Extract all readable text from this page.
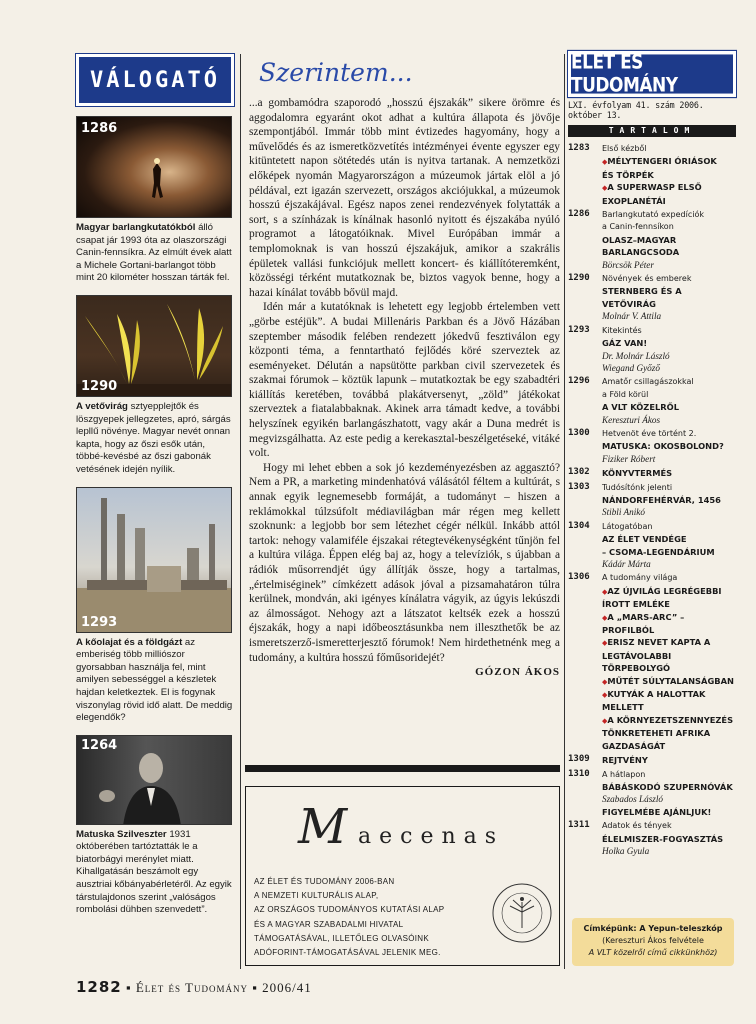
VÁLOGATÓ
1286
Magyar barlangkutatókból álló csapat jár 1993 óta az olaszországi Canin-fennsíkra. Az elmúlt évek alatt a Michele Gortani-barlangot több mint 20 kilométer hosszan tárták fel.
1290
A vetővirág sztyepplejtők és löszgyepek jellegzetes, apró, sárgás lepllű növénye. Magyar nevét onnan kapta, hogy az őszi esők után, többé-kevésbé az őszi gabonák vetésének idején nyílik.
1293
A kőolajat és a földgázt az emberiség több milliószor gyorsabban használja fel, mint amilyen sebességgel a készletek hajdan keletkeztek. El is fogynak viszonylag rövid idő alatt. De meddig elegendők?
1264
Matuska Szilveszter 1931 októberében tartóztatták le a biatorbágyi merénylet miatt. Kihallgatásán beszámolt egy ausztriai kőbányabérletéről. Az egyik társtulajdonos szerint „valóságos rombolási dühben szenvedett”.
Szerintem...

...a gombamódra szaporodó „hosszú éjszakák” sikere örömre és aggodalomra egyaránt okot adhat a kultúra állapota és jövője szempontjából. Immár több mint évtizedes hagyomány, hogy a művelődés és az ismeretközvetítés intézményei évente egyszer egy kitüntetett napon sötétedés után is nyitva tartanak. A nemzetközi előképek nyomán Magyarországon a múzeumok jártak elöl a jó példával, ezt igazán szervezett, országos akciójukkal, a múzeumok hosszú éjszakájával. Egész napos zenei rendezvények folytatták a sort, s a színházak is kínálnak hasonló nyitott és éjszakába nyúló programot a látogatóiknak. Mivel Európában immár a templomoknak is van hosszú éjszakájuk, amikor a szakrális épületek vallási funkciójuk mellett koncert- és kiállítóteremként, közösségi térként mutatkoznak be, biztos vagyok benne, hogy a hazai kínálat tovább bővül majd.

Idén már a kutatóknak is lehetett egy legjobb értelemben vett „görbe estéjük”. A budai Millenáris Parkban és a Jövő Házában szeptember második felében rendezett jókedvű fesztiválon egy központi téma, a fenntartható fejlődés köré szerveztek az eseményeket. Délután a napsütötte parkban civil szervezetek és szakmai fórumok – köztük lapunk – mutatkoztak be egy szabadtéri kiállítás keretében, továbbá plakátversenyt, „zöld” játékokat szerveztek a fiatalabbaknak. Akinek arra támadt kedve, a további helyszínek egyikén barlangászhatott, vagy akár a Duna medrét is megvizsgálhatta. Az este pedig a kerekasztal-beszélgetéseké, vitáké volt.

Hogy mi lehet ebben a sok jó kezdeményezésben az aggasztó? Nem a PR, a marketing mindenhatóvá válásától féltem a kultúrát, s annak egyik legnemesebb formáját, a tudományt – hiszen a reklámokkal túlzsúfolt médiavilágban már régen meg kellett szoknunk: a legjobb bor sem létezhet cégér nélkül. Inkább attól tartok: nehogy valamiféle éjszakai rétegtevékenységként tűnjön fel a kultúra világa. Éppen elég baj az, hogy a televíziók, s újabban a rádiók műsorrendjét úgy állítják össze, hogy a tartalmas, „értelmiséginek” címkézett adások jóval a pizsamahatáron túlra kerülnek, mondván, aki igényes kínálatra vágyik, az úgyis lekúszdi az álmosságot. Nehogy azt a látszatot keltsék ezek a hosszú éjszakák, hogy a napi időbeosztásunkba nem illeszthetők be az ismeretszerző-ismeretterjesztő fórumok! Nem hirdethetnénk meg a tudomány, a kultúra hosszú főműsoridejét?

GÓZON ÁKOS
M aecenas
AZ ÉLET ÉS TUDOMÁNY 2006-BAN
A NEMZETI KULTURÁLIS ALAP,
AZ ORSZÁGOS TUDOMÁNYOS KUTATÁSI ALAP
ÉS A MAGYAR SZABADALMI HIVATAL
TÁMOGATÁSÁVAL, ILLETŐLEG OLVASÓINK
ADÓFORINT-TÁMOGATÁSÁVAL JELENIK MEG.
ÉLET ÉS TUDOMÁNY
LXI. évfolyam 41. szám 2006. október 13.
TARTALOM
1283	Első kézből
◆ MÉLYTENGERI ÓRIÁSOK
ÉS TÖRPÉK
◆ A SUPERWASP ELSŐ
EXOPLANÉTÁI
1286	Barlangkutató expedíciók
a Canin-fennsíkon
OLASZ–MAGYAR
BARLANGCSODA
Börcsök Péter
1290	Növények és emberek
STERNBERG ÉS A VETŐVIRÁG
Molnár V. Attila
1293	Kitekintés
GÁZ VAN!
Dr. Molnár László
Wiegand Győző
1296	Amatőr csillagászokkal
a Föld körül
A VLT KÖZELRŐL
Kereszturi Ákos
1300	Hetvenöt éve történt 2.
MATUSKA: OKOSBOLOND?
Fiziker Róbert
1302	KÖNYVTERMÉS
1303	Tudósítónk jelenti
NÁNDORFEHÉRVÁR, 1456
Stibli Anikó
1304	Látogatóban
AZ ÉLET VENDÉGE
– CSOMA-LEGENDÁRIUM
Kádár Márta
1306	A tudomány világa
◆ AZ ÚJVILÁG LEGRÉGEBBI
ÍROTT EMLÉKE
◆ A „MARS-ARC” – PROFILBÓL
◆ ERISZ NEVET KAPTA A
LEGTÁVOLABBI TÖRPEBOLYGÓ
◆ MŰTÉT SÚLYTALANSÁGBAN
◆ KUTYÁK A HALOTTAK
MELLETT
◆ A KÖRNYEZETSZENNYEZÉS
TÖNKRETEHETI AFRIKA
GAZDASÁGÁT
1309	REJTVÉNY
1310	A hátlapon
BÁBÁSKODÓ SZUPERNÓVÁK
Szabados László
FIGYELMÉBE AJÁNLJUK!
1311	Adatok és tények
ÉLELMISZER-FOGYASZTÁS
Holka Gyula
Címképünk: A Yepun-teleszkóp
(Kereszturi Ákos felvétele
A VLT közelről című cikkünkhöz)
1282 ▪ Élet és Tudomány ▪ 2006/41
